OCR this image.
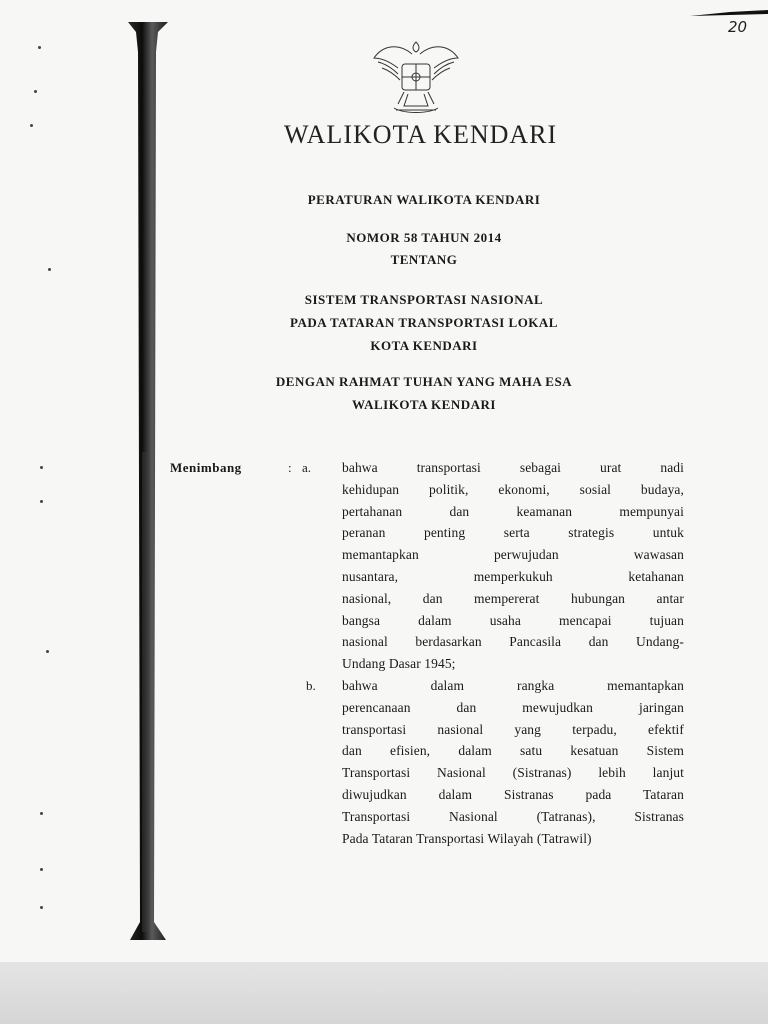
20
WALIKOTA KENDARI
PERATURAN WALIKOTA KENDARI
NOMOR 58 TAHUN 2014
TENTANG
SISTEM TRANSPORTASI NASIONAL
PADA TATARAN TRANSPORTASI LOKAL
KOTA KENDARI
DENGAN RAHMAT TUHAN YANG MAHA ESA
WALIKOTA KENDARI
Menimbang	: a.
b.
bahwa transportasi sebagai urat nadi
kehidupan politik, ekonomi, sosial budaya,
pertahanan dan keamanan mempunyai
peranan penting serta strategis untuk
memantapkan perwujudan wawasan
nusantara, memperkukuh ketahanan
nasional, dan mempererat hubungan antar
bangsa dalam usaha mencapai tujuan
nasional berdasarkan Pancasila dan Undang-
Undang Dasar 1945;
bahwa dalam rangka memantapkan
perencanaan dan mewujudkan jaringan
transportasi nasional yang terpadu, efektif
dan efisien, dalam satu kesatuan Sistem
Transportasi Nasional (Sistranas) lebih lanjut
diwujudkan dalam Sistranas pada Tataran
Transportasi Nasional (Tatranas), Sistranas
Pada Tataran Transportasi Wilayah (Tatrawil)
